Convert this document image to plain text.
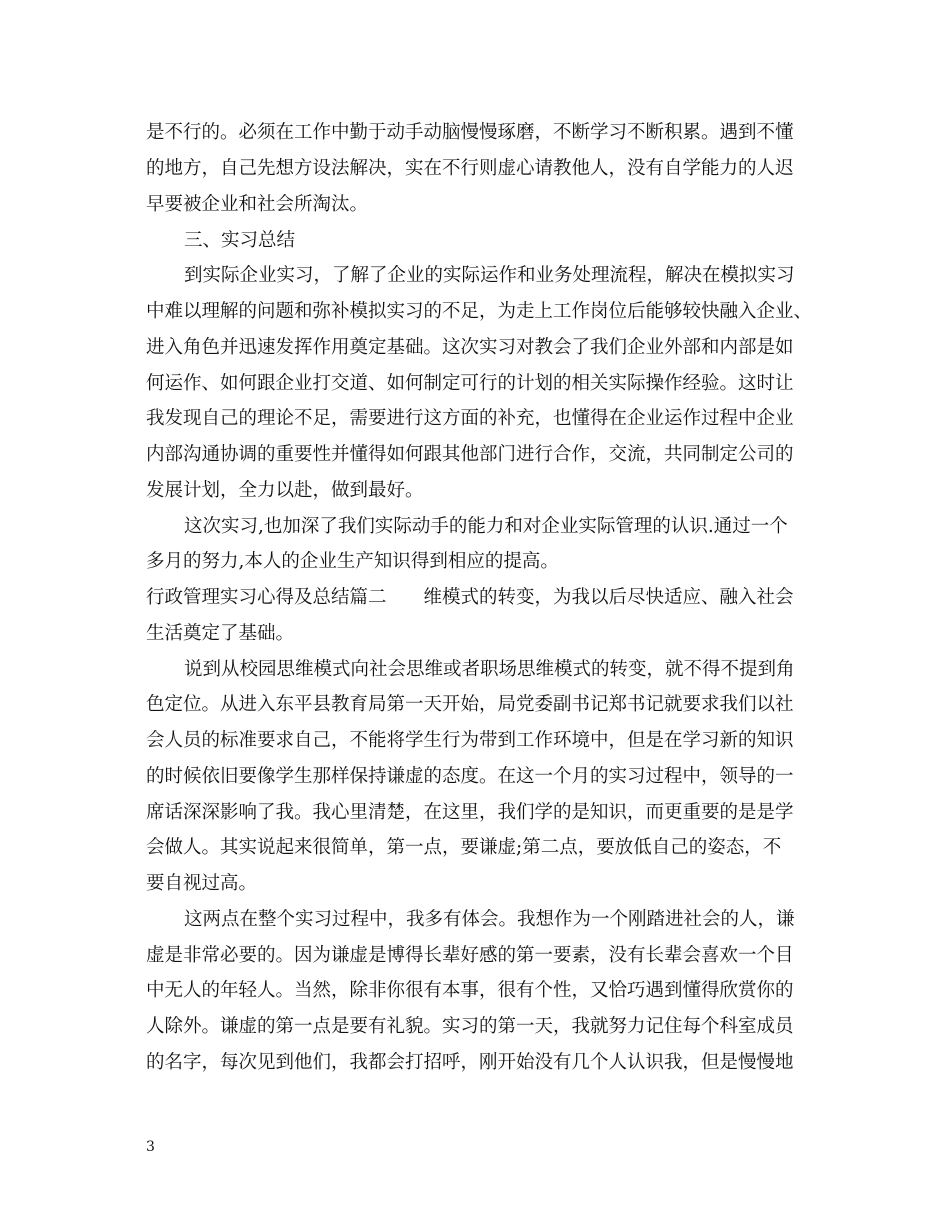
是不行的。必须在工作中勤于动手动脑慢慢琢磨，不断学习不断积累。遇到不懂
的地方，自己先想方设法解决，实在不行则虚心请教他人，没有自学能力的人迟
早要被企业和社会所淘汰。
三、实习总结
到实际企业实习，了解了企业的实际运作和业务处理流程，解决在模拟实习
中难以理解的问题和弥补模拟实习的不足，为走上工作岗位后能够较快融入企业、
进入角色并迅速发挥作用奠定基础。这次实习对教会了我们企业外部和内部是如
何运作、如何跟企业打交道、如何制定可行的计划的相关实际操作经验。这时让
我发现自己的理论不足，需要进行这方面的补充，也懂得在企业运作过程中企业
内部沟通协调的重要性并懂得如何跟其他部门进行合作，交流，共同制定公司的
发展计划，全力以赴，做到最好。
这次实习,也加深了我们实际动手的能力和对企业实际管理的认识.通过一个
多月的努力,本人的企业生产知识得到相应的提高。
行政管理实习心得及总结篇二　　维模式的转变，为我以后尽快适应、融入社会
生活奠定了基础。
说到从校园思维模式向社会思维或者职场思维模式的转变，就不得不提到角
色定位。从进入东平县教育局第一天开始，局党委副书记郑书记就要求我们以社
会人员的标准要求自己，不能将学生行为带到工作环境中，但是在学习新的知识
的时候依旧要像学生那样保持谦虚的态度。在这一个月的实习过程中，领导的一
席话深深影响了我。我心里清楚，在这里，我们学的是知识，而更重要的是是学
会做人。其实说起来很简单，第一点，要谦虚;第二点，要放低自己的姿态，不
要自视过高。
这两点在整个实习过程中，我多有体会。我想作为一个刚踏进社会的人，谦
虚是非常必要的。因为谦虚是博得长辈好感的第一要素，没有长辈会喜欢一个目
中无人的年轻人。当然，除非你很有本事，很有个性，又恰巧遇到懂得欣赏你的
人除外。谦虚的第一点是要有礼貌。实习的第一天，我就努力记住每个科室成员
的名字，每次见到他们，我都会打招呼，刚开始没有几个人认识我，但是慢慢地
3
